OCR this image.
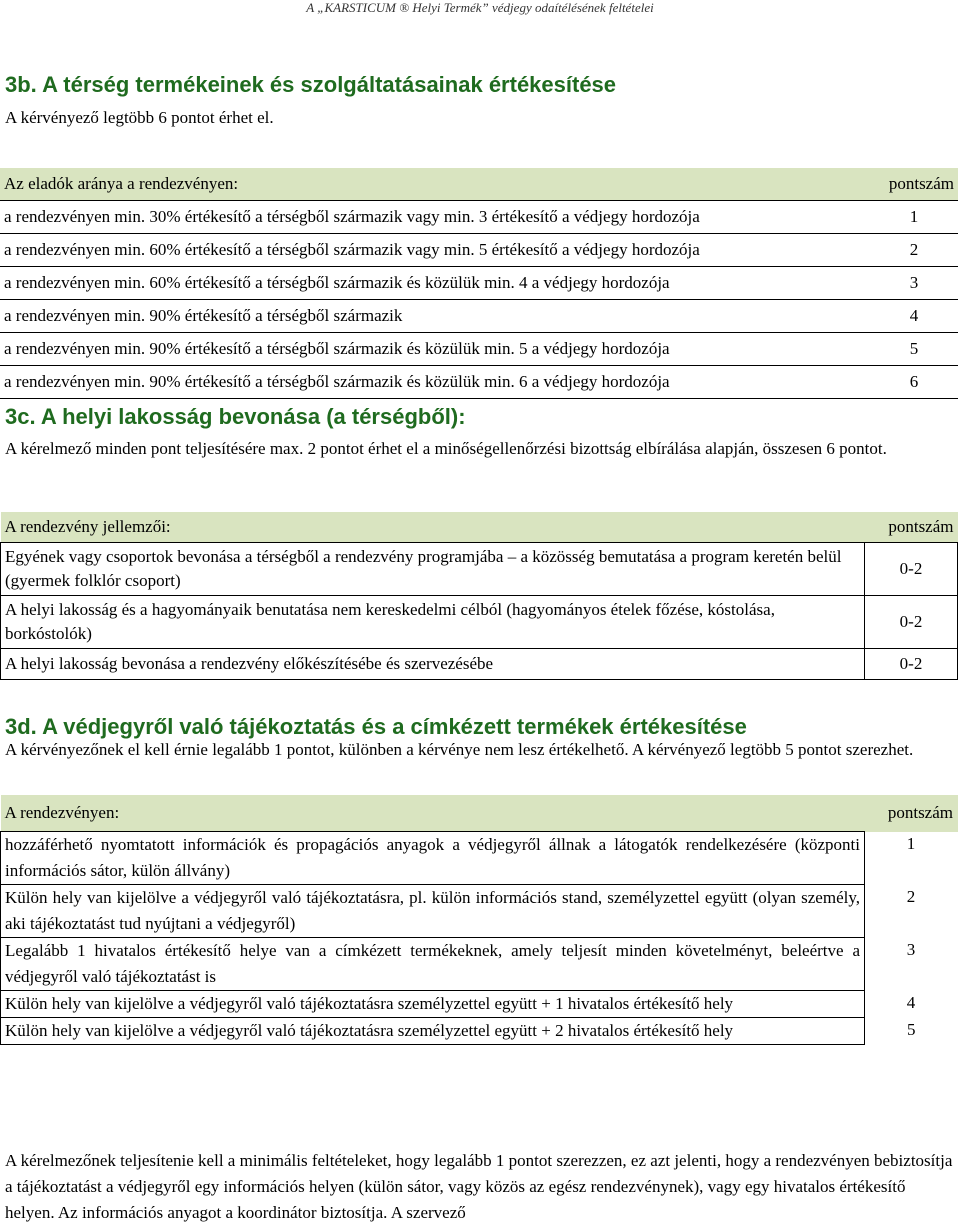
A „KARSTICUM ® Helyi Termék” védjegy odaítélésének feltételei
3b. A térség termékeinek és szolgáltatásainak értékesítése
A kérvényező legtöbb 6 pontot érhet el.
Az eladók aránya a rendezvényen:	pontszám
a rendezvényen min. 30% értékesítő a térségből származik vagy min. 3 értékesítő a védjegy hordozója	1
a rendezvényen min. 60% értékesítő a térségből származik vagy min. 5 értékesítő a védjegy hordozója	2
a rendezvényen min. 60% értékesítő a térségből származik és közülük min. 4 a védjegy hordozója	3
a rendezvényen min. 90% értékesítő a térségből származik	4
a rendezvényen min. 90% értékesítő a térségből származik és közülük min. 5 a védjegy hordozója	5
a rendezvényen min. 90% értékesítő a térségből származik és közülük min. 6 a védjegy hordozója	6
3c. A helyi lakosság bevonása (a térségből):
A kérelmező minden pont teljesítésére max. 2 pontot érhet el a minőségellenőrzési bizottság elbírálása alapján, összesen 6 pontot.
A rendezvény jellemzői:	pontszám
Egyének vagy csoportok bevonása a térségből a rendezvény programjába – a közösség bemutatása a program keretén belül (gyermek folklór csoport)	0-2
A helyi lakosság és a hagyományaik benutatása nem kereskedelmi célból (hagyományos ételek főzése, kóstolása, borkóstolók)	0-2
A helyi lakosság bevonása a rendezvény előkészítésébe és szervezésébe	0-2
3d. A védjegyről való tájékoztatás és a címkézett termékek értékesítése
A kérvényezőnek el kell érnie legalább 1 pontot, különben a kérvénye nem lesz értékelhető. A kérvényező legtöbb 5 pontot szerezhet.
A rendezvényen:	pontszám
hozzáférhető nyomtatott információk és propagációs anyagok a védjegyről állnak a látogatók rendelkezésére (központi információs sátor, külön állvány)	1
Külön hely van kijelölve a védjegyről való tájékoztatásra, pl. külön információs stand, személyzettel együtt (olyan személy, aki tájékoztatást tud nyújtani a védjegyről)	2
Legalább 1 hivatalos értékesítő helye van a címkézett termékeknek, amely teljesít minden követelményt, beleértve a védjegyről való tájékoztatást is	3
Külön hely van kijelölve a védjegyről való tájékoztatásra személyzettel együtt + 1 hivatalos értékesítő hely	4
Külön hely van kijelölve a védjegyről való tájékoztatásra személyzettel együtt + 2 hivatalos értékesítő hely	5
A kérelmezőnek teljesítenie kell a minimális feltételeket, hogy legalább 1 pontot szerezzen, ez azt jelenti, hogy a rendezvényen bebiztosítja a tájékoztatást a védjegyről egy információs helyen (külön sátor, vagy közös az egész rendezvénynek), vagy egy hivatalos értékesítő helyen. Az információs anyagot a koordinátor biztosítja. A szervező
